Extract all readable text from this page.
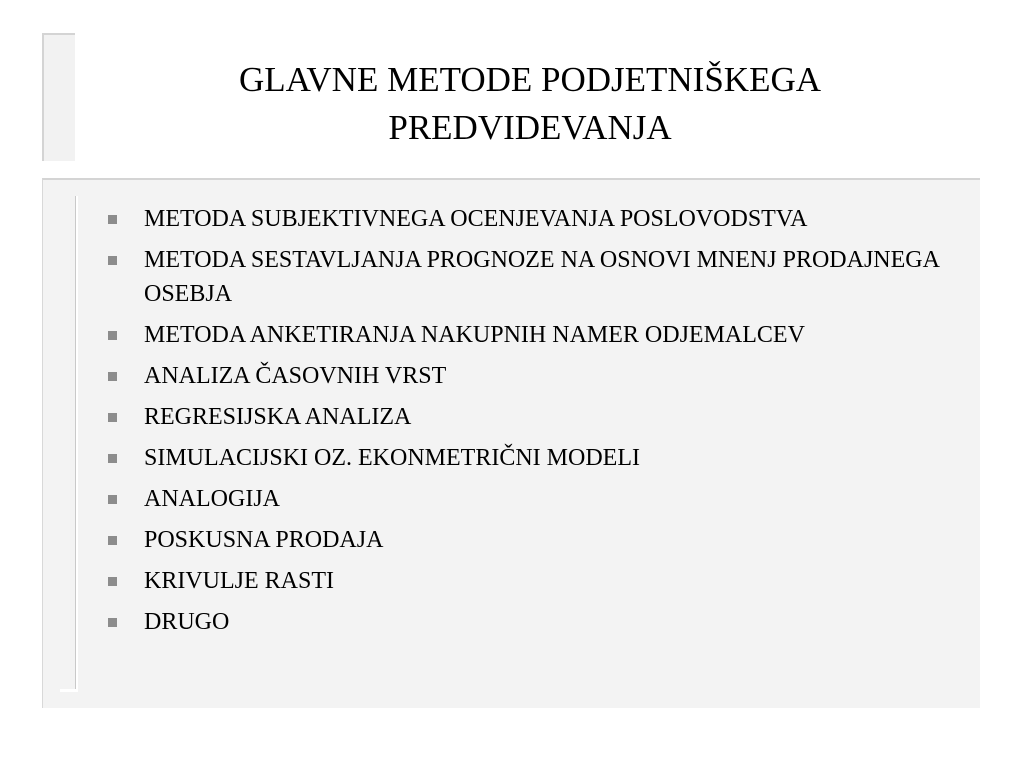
GLAVNE METODE PODJETNIŠKEGA
PREDVIDEVANJA
METODA SUBJEKTIVNEGA OCENJEVANJA POSLOVODSTVA
METODA SESTAVLJANJA PROGNOZE NA OSNOVI MNENJ PRODAJNEGA OSEBJA
METODA ANKETIRANJA NAKUPNIH NAMER ODJEMALCEV
ANALIZA ČASOVNIH VRST
REGRESIJSKA ANALIZA
SIMULACIJSKI OZ. EKONMETRIČNI MODELI
ANALOGIJA
POSKUSNA PRODAJA
KRIVULJE RASTI
DRUGO
